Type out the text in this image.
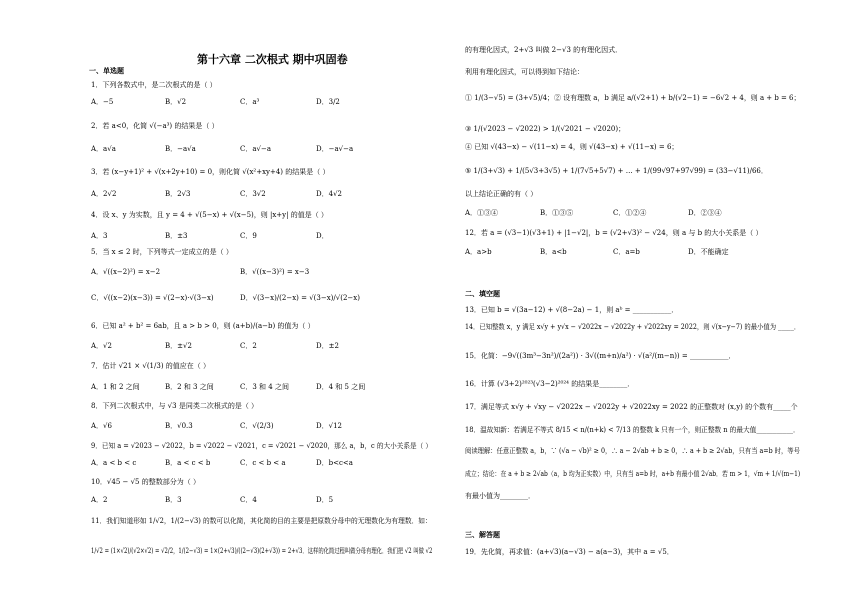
第十六章 二次根式 期中巩固卷
一、单选题
1．下列各数式中，是二次根式的是（ ）
A．−5	B．√2	C．a³	D．3/2
2．若 a<0，化简 √(−a³) 的结果是（ ）
A．a√a	B．−a√a	C．a√−a	D．−a√−a
3．若 (x−y+1)² + √(x+2y+10) = 0，则化简 √(x²+xy+4) 的结果是（ ）
A．2√2	B．2√3	C．3√2	D．4√2
4．设 x、y 为实数，且 y = 4 + √(5−x) + √(x−5)，则 |x+y| 的值是（ ）
A．3	B．±3	C．9	D．
5．当 x ≤ 2 时，下列等式一定成立的是（ ）
A．√((x−2)²) = x−2	B．√((x−3)²) = x−3
C．√((x−2)(x−3)) = √(2−x)·√(3−x)	D．√(3−x)/(2−x) = √(3−x)/√(2−x)
6．已知 a² + b² = 6ab，且 a > b > 0，则 (a+b)/(a−b) 的值为（ ）
A．√2	B．±√2	C．2	D．±2
7．估计 √21 × √(1/3) 的值应在（ ）
A．1 和 2 之间	B．2 和 3 之间	C．3 和 4 之间	D．4 和 5 之间
8．下列二次根式中，与 √3 是同类二次根式的是（ ）
A．√6	B．√0.3	C．√(2/3)	D．√12
9．已知 a = √2023 − √2022，b = √2022 − √2021，c = √2021 − √2020，那么 a，b，c 的大小关系是（ ）
A．a < b < c	B．a < c < b	C．c < b < a	D．b<c<a
10．√45 − √5 的整数部分为（ ）
A．2	B．3	C．4	D．5
11．我们知道形如 1/√2，1/(2−√3) 的数可以化简，其化简的目的主要是把原数分母中的无理数化为有理数．如：
1/√2 = (1×√2)/(√2×√2) = √2/2，1/(2−√3) = 1×(2+√3)/((2−√3)(2+√3)) = 2+√3．这样的化简过程叫做分母有理化．我们把 √2 叫做 √2
的有理化因式，2+√3 叫做 2−√3 的有理化因式．
利用有理化因式，可以得到如下结论：
① 1/(3−√5) = (3+√5)/4；② 设有理数 a，b 满足 a/(√2+1) + b/(√2−1) = −6√2 + 4，则 a + b = 6；
③ 1/(√2023 − √2022) > 1/(√2021 − √2020)；
④ 已知 √(43−x) − √(11−x) = 4，则 √(43−x) + √(11−x) = 6；
⑤ 1/(3+√3) + 1/(5√3+3√5) + 1/(7√5+5√7) + … + 1/(99√97+97√99) = (33−√11)/66．
以上结论正确的有（ ）
A．①③④	B．①③⑤	C．①②④	D．②③④
12．若 a = (√3−1)(√3+1) + |1−√2|，b = (√2+√3)² − √24，则 a 与 b 的大小关系是（ ）
A．a>b	B．a<b	C．a=b	D．不能确定
二、填空题
13．已知 b = √(3a−12) + √(8−2a) − 1，则 aᵇ = ___________．
14．已知整数 x，y 满足 x√y + y√x − √2022x − √2022y + √2022xy = 2022，则 √(x−y−7) 的最小值为 _____．
15．化简：−9√((3m³−3n²)/(2a²)) · 3√((m+n)/a²) · √(a²/(m−n)) = ___________．
16．计算 (√3+2)²⁰²³(√3−2)²⁰²⁴ 的结果是________．
17．满足等式 x√y + √xy − √2022x − √2022y + √2022xy = 2022 的正整数对 (x,y) 的个数有_____个
18．温故知新：若满足不等式 8/15 < n/(n+k) < 7/13 的整数 k 只有一个，则正整数 n 的最大值___________．
阅读理解：任意正整数 a，b，∵ (√a − √b)² ≥ 0，∴ a − 2√ab + b ≥ 0，∴ a + b ≥ 2√ab，只有当 a=b 时，等号
成立；结论：在 a + b ≥ 2√ab（a，b 均为正实数）中，只有当 a=b 时，a+b 有最小值 2√ab．若 m > 1，√m + 1/√(m−1)
有最小值为________．
三、解答题
19．先化简，再求值：(a+√3)(a−√3) − a(a−3)，其中 a = √5．
